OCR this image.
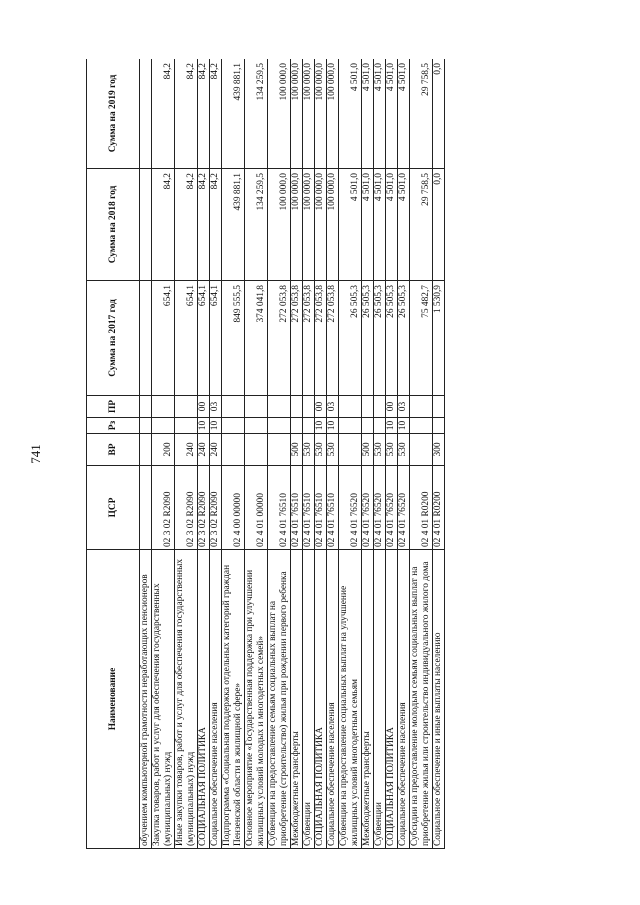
741
Наименование	ЦСР	ВР	Рз	ПР	Сумма на 2017 год	Сумма на 2018 год	Сумма на 2019 год
обучением компьютерной грамотности неработающих пенсионеров							
Закупка товаров, работ и услуг для обеспечения государственных (муниципальных) нужд	02 3 02 R2090	200			654,1	84,2	84,2
Иные закупки товаров, работ и услуг для обеспечения государственных (муниципальных) нужд	02 3 02 R2090	240			654,1	84,2	84,2
СОЦИАЛЬНАЯ ПОЛИТИКА	02 3 02 R2090	240	10	00	654,1	84,2	84,2
Социальное обеспечение населения	02 3 02 R2090	240	10	03	654,1	84,2	84,2
Подпрограмма «Социальная поддержка отдельных категорий граждан Пензенской области в жилищной сфере»	02 4 00 00000				849 555,5	439 881,1	439 881,1
Основное мероприятие «Государственная поддержка при улучшении жилищных условий молодых и многодетных семей»	02 4 01 00000				374 041,8	134 259,5	134 259,5
Субвенции на предоставление семьям социальных выплат на приобретение (строительство) жилья при рождении первого ребенка	02 4 01 76510				272 053,8	100 000,0	100 000,0
Межбюджетные трансферты	02 4 01 76510	500			272 053,8	100 000,0	100 000,0
Субвенции	02 4 01 76510	530			272 053,8	100 000,0	100 000,0
СОЦИАЛЬНАЯ ПОЛИТИКА	02 4 01 76510	530	10	00	272 053,8	100 000,0	100 000,0
Социальное обеспечение населения	02 4 01 76510	530	10	03	272 053,8	100 000,0	100 000,0
Субвенции на предоставление социальных выплат на улучшение жилищных условий многодетным семьям	02 4 01 76520				26 505,3	4 501,0	4 501,0
Межбюджетные трансферты	02 4 01 76520	500			26 505,3	4 501,0	4 501,0
Субвенции	02 4 01 76520	530			26 505,3	4 501,0	4 501,0
СОЦИАЛЬНАЯ ПОЛИТИКА	02 4 01 76520	530	10	00	26 505,3	4 501,0	4 501,0
Социальное обеспечение населения	02 4 01 76520	530	10	03	26 505,3	4 501,0	4 501,0
Субсидии на предоставление молодым семьям социальных выплат на приобретение жилья или строительство индивидуального жилого дома	02 4 01 R0200				75 482,7	29 758,5	29 758,5
Социальное обеспечение и иные выплаты населению	02 4 01 R0200	300			1 530,9	0,0	0,0
